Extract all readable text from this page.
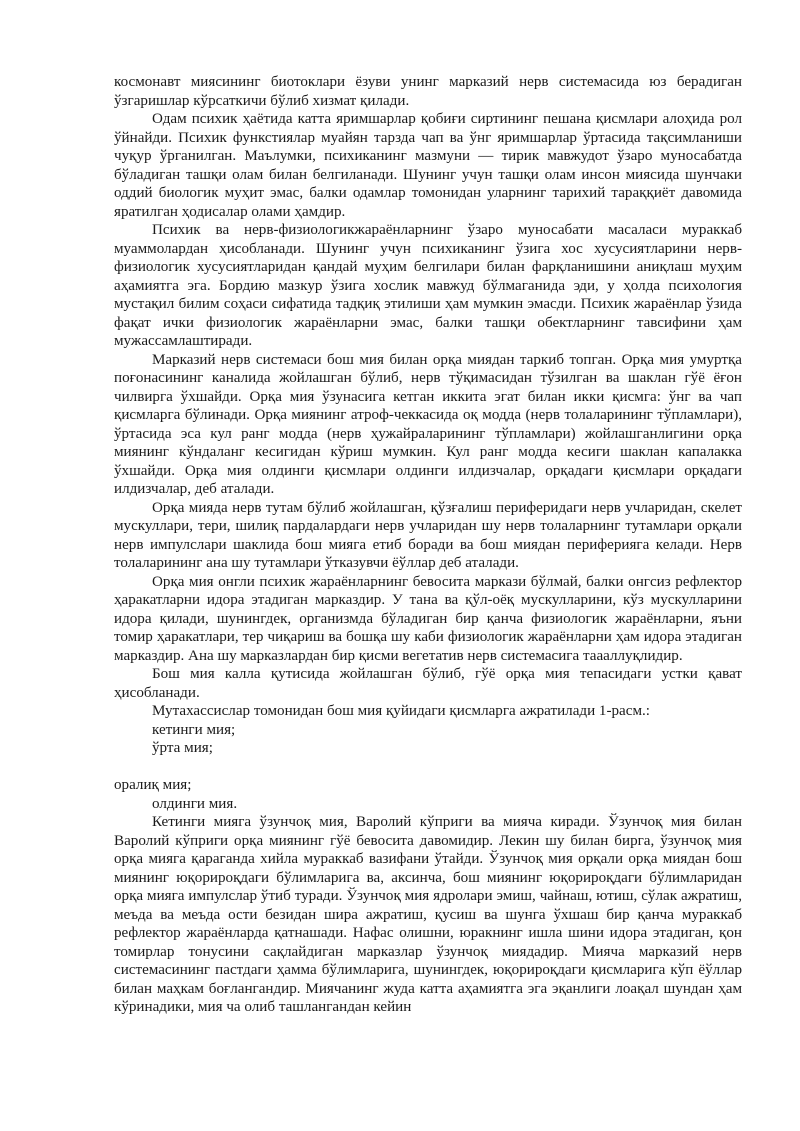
космонавт миясининг биотоклари ёзуви унинг марказий нерв системасида юз берадиган ўзгаришлар кўрсаткичи бўлиб хизмат қилади.

Одам психик ҳаётида катта яримшарлар қобиғи сиртининг пешана қисмлари алоҳида рол ўйнайди. Психик функстиялар муайян тарзда чап ва ўнг яримшарлар ўртасида тақсимланиши чуқур ўрганилган. Маълумки, психиканинг мазмуни — тирик мавжудот ўзаро муносабатда бўладиган ташқи олам билан белгиланади. Шунинг учун ташқи олам инсон миясида шунчаки оддий биологик муҳит эмас, балки одамлар томонидан уларнинг тарихий тараққиёт давомида яратилган ҳодисалар олами ҳамдир.

Психик ва нерв-физиологикжараёнларнинг ўзаро муносабати масаласи мураккаб муаммолардан ҳисобланади. Шунинг учун психиканинг ўзига хос хусусиятларини нерв-физиологик хусусиятларидан қандай муҳим белгилари билан фарқланишини аниқлаш муҳим аҳамиятга эга. Бордию мазкур ўзига хослик мавжуд бўлмаганида эди, у ҳолда психология мустақил билим соҳаси сифатида тадқиқ этилиши ҳам мумкин эмасди. Психик жараёнлар ўзида фақат ички физиологик жараёнларни эмас, балки ташқи обектларнинг тавсифини ҳам мужассамлаштиради.

Марказий нерв системаси бош мия билан орқа миядан таркиб топган. Орқа мия умуртқа поғонасининг каналида жойлашган бўлиб, нерв тўқимасидан тўзилган ва шаклан гўё ёғон чилвирга ўхшайди. Орқа мия ўзунасига кетган иккита эгат билан икки қисмга: ўнг ва чап қисмларга бўлинади. Орқа миянинг атроф-чеккасида оқ модда (нерв толаларининг тўпламлари), ўртасида эса кул ранг модда (нерв ҳужайраларининг тўпламлари) жойлашганлигини орқа миянинг кўндаланг кесигидан кўриш мумкин. Кул ранг модда кесиги шаклан капалакка ўхшайди. Орқа мия олдинги қисмлари олдинги илдизчалар, орқадаги қисмлари орқадаги илдизчалар, деб аталади.

Орқа мияда нерв тутам бўлиб жойлашган, қўзғалиш периферидаги нерв учларидан, скелет мускуллари, тери, шилиқ пардалардаги нерв учларидан шу нерв толаларнинг тутамлари орқали нерв импулслари шаклида бош мияга етиб боради ва бош миядан периферияга келади. Нерв толаларининг ана шу тутамлари ўтказувчи ёўллар деб аталади.

Орқа мия онгли психик жараёнларнинг бевосита маркази бўлмай, балки онгсиз рефлектор ҳаракатларни идора этадиган марказдир. У тана ва қўл-оёқ мускулларини, кўз мускулларини идора қилади, шунингдек, организмда бўладиган бир қанча физиологик жараёнларни, яъни томир ҳаракатлари, тер чиқариш ва бошқа шу каби физиологик жараёнларни ҳам идора этадиган марказдир. Ана шу марказлардан бир қисми вегетатив нерв системасига таааллуқлидир.

Бош мия калла қутисида жойлашган бўлиб, гўё орқа мия тепасидаги устки қават ҳисобланади.

Мутахассислар томонидан бош мия қуйидаги қисмларга ажратилади 1-расм.:

кетинги мия;

ўрта мия;

оралиқ мия;

олдинги мия.

Кетинги мияга ўзунчоқ мия, Варолий кўприги ва мияча киради. Ўзунчоқ мия билан Варолий кўприги орқа миянинг гўё бевосита давомидир. Лекин шу билан бирга, ўзунчоқ мия орқа мияга қараганда хийла мураккаб вазифани ўтайди. Ўзунчоқ мия орқали орқа миядан бош миянинг юқорироқдаги бўлимларига ва, аксинча, бош миянинг юқорироқдаги бўлимларидан орқа мияга импулслар ўтиб туради. Ўзунчоқ мия ядролари эмиш, чайнаш, ютиш, сўлак ажратиш, меъда ва меъда ости безидан шира ажратиш, қусиш ва шунга ўхшаш бир қанча мураккаб рефлектор жараёнларда қатнашади. Нафас олишни, юракнинг ишла шини идора этадиган, қон томирлар тонусини сақлайдиган марказлар ўзунчоқ миядадир. Мияча марказий нерв системасининг пастдаги ҳамма бўлимларига, шунингдек, юқорироқдаги қисмларига кўп ёўллар билан маҳкам боғлангандир. Миячанинг жуда катта аҳамиятга эга эқанлиги лоақал шундан ҳам кўринадики, мия ча олиб ташлангандан кейин
